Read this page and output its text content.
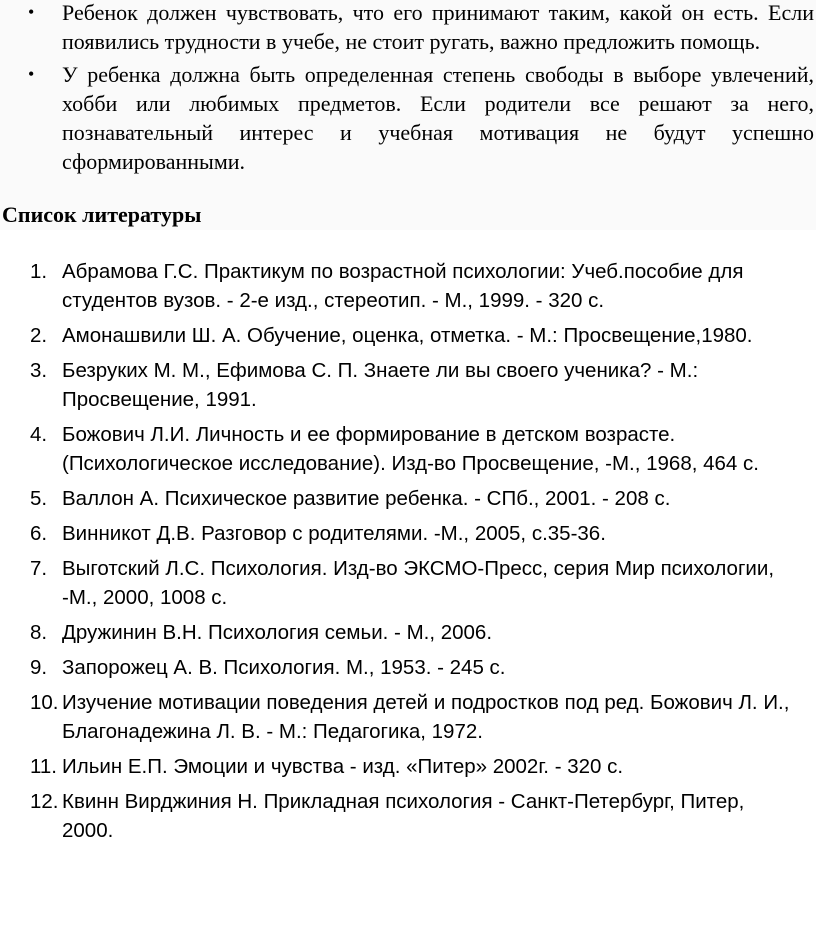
• Ребенок должен чувствовать, что его принимают таким, какой он есть. Если появились трудности в учебе, не стоит ругать, важно предложить помощь.
• У ребенка должна быть определенная степень свободы в выборе увлечений, хобби или любимых предметов. Если родители все решают за него, познавательный интерес и учебная мотивация не будут успешно сформированными.
Список литературы
1. Абрамова Г.С. Практикум по возрастной психологии: Учеб.пособие для студентов вузов. - 2-е изд., стереотип. - М., 1999. - 320 с.
2. Амонашвили Ш. А. Обучение, оценка, отметка. - М.: Просвещение,1980.
3. Безруких М. М., Ефимова С. П. Знаете ли вы своего ученика? - М.: Просвещение, 1991.
4. Божович Л.И. Личность и ее формирование в детском возрасте. (Психологическое исследование). Изд-во Просвещение, -М., 1968, 464 с.
5. Валлон А. Психическое развитие ребенка. - СПб., 2001. - 208 с.
6. Винникот Д.В. Разговор с родителями. -М., 2005, с.35-36.
7. Выготский Л.С. Психология. Изд-во ЭКСМО-Пресс, серия Мир психологии, -М., 2000, 1008 с.
8. Дружинин В.Н. Психология семьи. - М., 2006.
9. Запорожец А. В. Психология. М., 1953. - 245 с.
10. Изучение мотивации поведения детей и подростков под ред. Божович Л. И., Благонадежина Л. В. - М.: Педагогика, 1972.
11. Ильин Е.П. Эмоции и чувства - изд. «Питер» 2002г. - 320 с.
12. Квинн Вирджиния Н. Прикладная психология - Санкт-Петербург, Питер, 2000.
